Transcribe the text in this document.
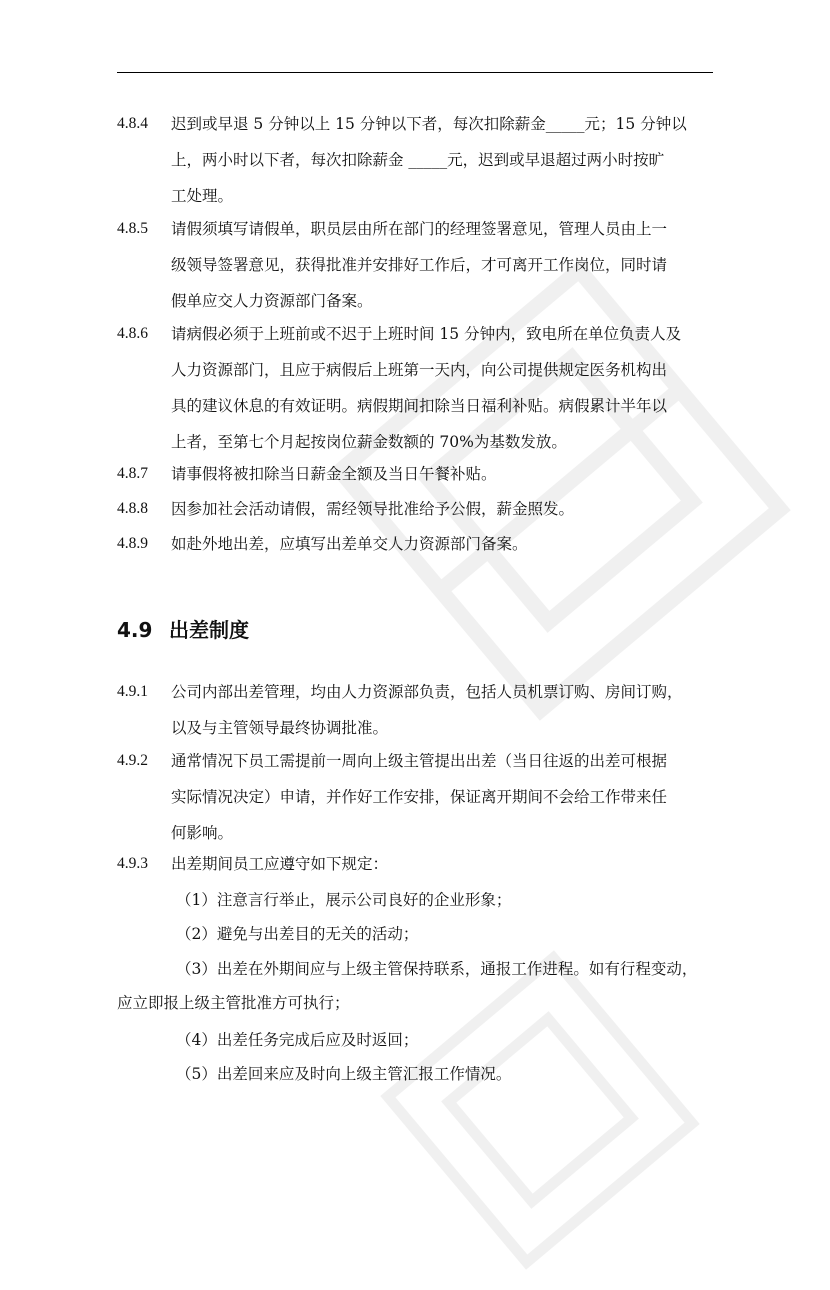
4.8.4	迟到或早退 5 分钟以上 15 分钟以下者，每次扣除薪金_____元；15 分钟以
上，两小时以下者，每次扣除薪金 _____元，迟到或早退超过两小时按旷
工处理。
4.8.5	请假须填写请假单，职员层由所在部门的经理签署意见，管理人员由上一
级领导签署意见，获得批准并安排好工作后，才可离开工作岗位，同时请
假单应交人力资源部门备案。
4.8.6	请病假必须于上班前或不迟于上班时间 15 分钟内，致电所在单位负责人及
人力资源部门，且应于病假后上班第一天内，向公司提供规定医务机构出
具的建议休息的有效证明。病假期间扣除当日福利补贴。病假累计半年以
上者，至第七个月起按岗位薪金数额的 70%为基数发放。
4.8.7	请事假将被扣除当日薪金全额及当日午餐补贴。
4.8.8	因参加社会活动请假，需经领导批准给予公假，薪金照发。
4.8.9	如赴外地出差，应填写出差单交人力资源部门备案。
4.9 出差制度
4.9.1	公司内部出差管理，均由人力资源部负责，包括人员机票订购、房间订购，
以及与主管领导最终协调批准。
4.9.2	通常情况下员工需提前一周向上级主管提出出差（当日往返的出差可根据
实际情况决定）申请，并作好工作安排，保证离开期间不会给工作带来任
何影响。
4.9.3	出差期间员工应遵守如下规定：
（1）注意言行举止，展示公司良好的企业形象；
（2）避免与出差目的无关的活动；
（3）出差在外期间应与上级主管保持联系，通报工作进程。如有行程变动，
应立即报上级主管批准方可执行；
（4）出差任务完成后应及时返回；
（5）出差回来应及时向上级主管汇报工作情况。
